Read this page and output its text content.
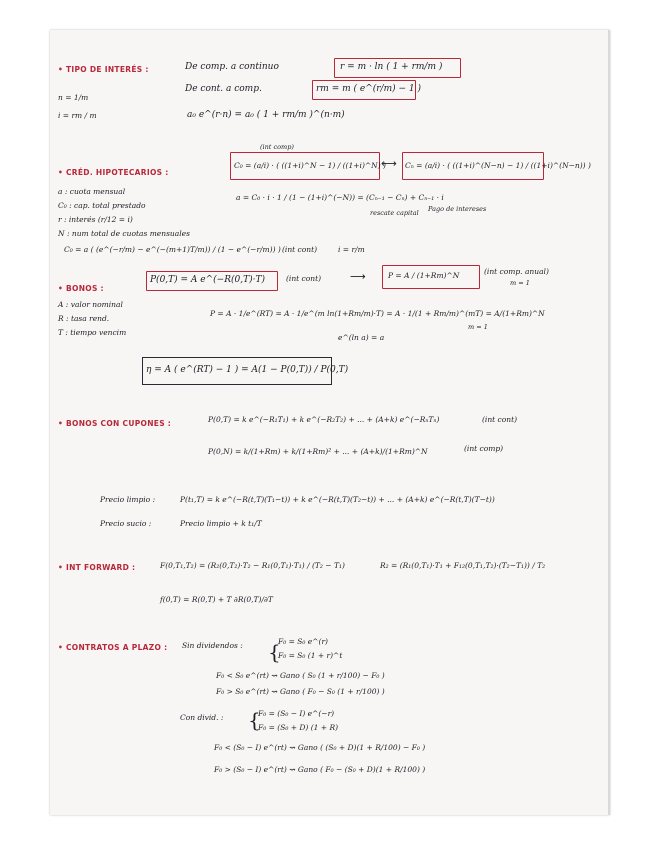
• TIPO DE INTERÉS :
n = 1/m
i = rm / m
De comp. a continuo	r = m · ln ( 1 + rm/m )
De cont. a comp.	rm = m ( e^(r/m) − 1 )
a₀ e^(r·n) = a₀ ( 1 + rm/m )^(n·m)
• CRÉD. HIPOTECARIOS :
(int comp)
C₀ = (a/i) · ( ((1+i)^N − 1) / ((1+i)^N) )
⟷ Cₙ = (a/i) · ( ((1+i)^(N−n) − 1) / ((1+i)^(N−n)) )
a : cuota mensual
C₀ : cap. total prestado
r : interés (r/12 = i)
N : num total de cuotas mensuales
a = C₀ · i · 1 / (1 − (1+i)^(−N)) = (Cₙ₋₁ − Cₙ) + Cₙ₋₁ · i
rescate capital	Pago de intereses
C₀ = a ( (e^(−r/m) − e^(−(m+1)T/m)) / (1 − e^(−r/m)) ) (int cont)	i = r/m
• BONOS :
P(0,T) = A e^(−R(0,T)·T)	(int cont)	⟶	P = A / (1+Rm)^N	(int comp. anual)
m = 1
A : valor nominal
R : tasa rend.
T : tiempo vencim
P = A · 1/e^(RT) = A · 1/e^(m ln(1+Rm/m)·T) = A · 1/(1 + Rm/m)^(mT) = A/(1+Rm)^N
m = 1
e^(ln a) = a
η = A ( e^(RT) − 1 ) = A(1 − P(0,T)) / P(0,T)
• BONOS CON CUPONES :	P(0,T) = k e^(−R₁T₁) + k e^(−R₂T₂) + ... + (A+k) e^(−RₙTₙ)	(int cont)
P(0,N) = k/(1+Rm) + k/(1+Rm)² + ... + (A+k)/(1+Rm)^N	(int comp)
Precio limpio :	P(t₁,T) = k e^(−R(t,T)(T₁−t)) + k e^(−R(t,T)(T₂−t)) + ... + (A+k) e^(−R(t,T)(T−t))
Precio sucio :	Precio limpio + k t₁/T
• INT FORWARD :	F(0,T₁,T₂) = (R₂(0,T₂)·T₂ − R₁(0,T₁)·T₁) / (T₂ − T₁)	R₂ = (R₁(0,T₁)·T₁ + F₁₂(0,T₁,T₂)·(T₂−T₁)) / T₂
f(0,T) = R(0,T) + T ∂R(0,T)/∂T
• CONTRATOS A PLAZO : Sin dividendos : {
F₀ = S₀ e^(r)
F₀ = S₀ (1 + r)^t
F₀ < S₀ e^(rt) ⇝ Gano ( S₀ (1 + r/100) − F₀ )
F₀ > S₀ e^(rt) ⇝ Gano ( F₀ − S₀ (1 + r/100) )
Con divid. : {
F₀ = (S₀ − I) e^(−r)
F₀ = (S₀ + D) (1 + R)
F₀ < (S₀ − I) e^(rt) ⇝ Gano ( (S₀ + D)(1 + R/100) − F₀ )
F₀ > (S₀ − I) e^(rt) ⇝ Gano ( F₀ − (S₀ + D)(1 + R/100) )
